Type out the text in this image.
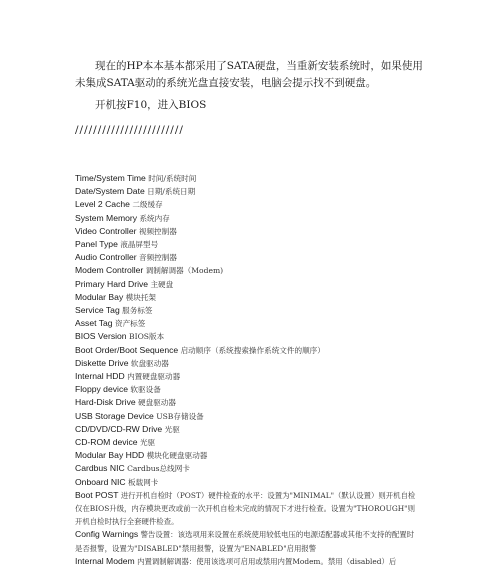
现在的HP本本基本都采用了SATA硬盘，当重新安装系统时，如果使用未集成SATA驱动的系统光盘直接安装，电脑会提示找不到硬盘。

开机按F10，进入BIOS

////////////////////////

Time/System Time 时间/系统时间
Date/System Date 日期/系统日期
Level 2 Cache 二级缓存
System Memory 系统内存
Video Controller 视频控制器
Panel Type 液晶屏型号
Audio Controller 音频控制器
Modem Controller 调制解调器（Modem)
Primary Hard Drive 主硬盘
Modular Bay 模块托架
Service Tag 服务标签
Asset Tag 资产标签
BIOS Version BIOS版本
Boot Order/Boot Sequence 启动顺序（系统搜索操作系统文件的顺序）
Diskette Drive 软盘驱动器
Internal HDD 内置硬盘驱动器
Floppy device 软驱设备
Hard-Disk Drive 硬盘驱动器
USB Storage Device USB存储设备
CD/DVD/CD-RW Drive 光驱
CD-ROM device 光驱
Modular Bay HDD 模块化硬盘驱动器
Cardbus NIC Cardbus总线网卡
Onboard NIC 板载网卡
Boot POST 进行开机自检时（POST）硬件检查的水平：设置为"MINIMAL"（默认设置）则开机自检仅在BIOS升级，内存模块更改或前一次开机自检未完成的情况下才进行检查。设置为"THOROUGH"则开机自检时执行全套硬件检查。
Config Warnings 警告设置：该选项用来设置在系统使用较低电压的电源适配器或其他不支持的配置时是否报警，设置为"DISABLED"禁用报警，设置为"ENABLED"启用报警
Internal Modem 内置调制解调器：使用该选项可启用或禁用内置Modem。禁用（disabled）后
